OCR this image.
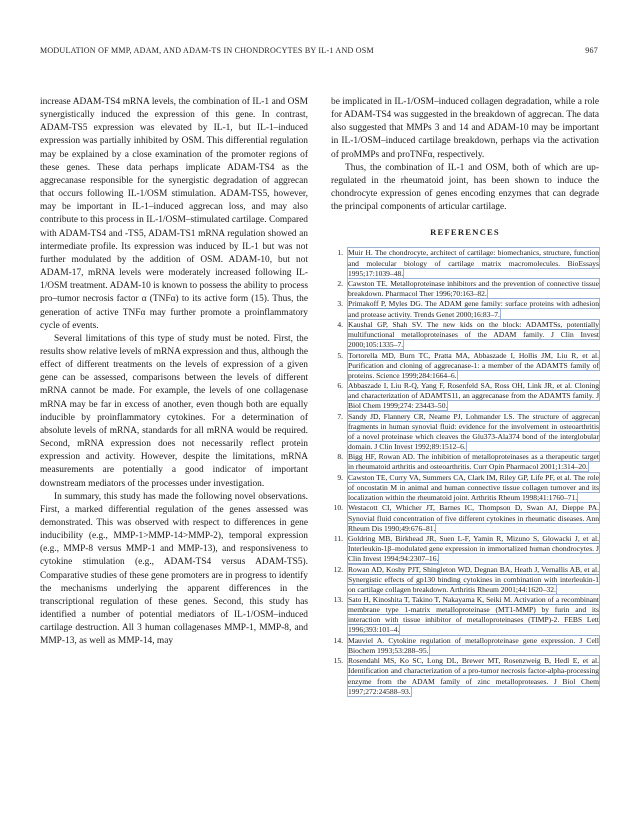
MODULATION OF MMP, ADAM, AND ADAM-TS IN CHONDROCYTES BY IL-1 AND OSM	967

increase ADAM-TS4 mRNA levels, the combination of IL-1 and OSM synergistically induced the expression of this gene. In contrast, ADAM-TS5 expression was elevated by IL-1, but IL-1–induced expression was partially inhibited by OSM. This differential regulation may be explained by a close examination of the promoter regions of these genes. These data perhaps implicate ADAM-TS4 as the aggrecanase responsible for the synergistic degradation of aggrecan that occurs following IL-1/OSM stimulation. ADAM-TS5, however, may be important in IL-1–induced aggrecan loss, and may also contribute to this process in IL-1/OSM–stimulated cartilage. Compared with ADAM-TS4 and -TS5, ADAM-TS1 mRNA regulation showed an intermediate profile. Its expression was induced by IL-1 but was not further modulated by the addition of OSM. ADAM-10, but not ADAM-17, mRNA levels were moderately increased following IL-1/OSM treatment. ADAM-10 is known to possess the ability to process pro–tumor necrosis factor α (TNFα) to its active form (15). Thus, the generation of active TNFα may further promote a proinflammatory cycle of events.

Several limitations of this type of study must be noted. First, the results show relative levels of mRNA expression and thus, although the effect of different treatments on the levels of expression of a given gene can be assessed, comparisons between the levels of different mRNA cannot be made. For example, the levels of one collagenase mRNA may be far in excess of another, even though both are equally inducible by proinflammatory cytokines. For a determination of absolute levels of mRNA, standards for all mRNA would be required. Second, mRNA expression does not necessarily reflect protein expression and activity. However, despite the limitations, mRNA measurements are potentially a good indicator of important downstream mediators of the processes under investigation.

In summary, this study has made the following novel observations. First, a marked differential regulation of the genes assessed was demonstrated. This was observed with respect to differences in gene inducibility (e.g., MMP-1>MMP-14>MMP-2), temporal expression (e.g., MMP-8 versus MMP-1 and MMP-13), and responsiveness to cytokine stimulation (e.g., ADAM-TS4 versus ADAM-TS5). Comparative studies of these gene promoters are in progress to identify the mechanisms underlying the apparent differences in the transcriptional regulation of these genes. Second, this study has identified a number of potential mediators of IL-1/OSM–induced cartilage destruction. All 3 human collagenases MMP-1, MMP-8, and MMP-13, as well as MMP-14, may

be implicated in IL-1/OSM–induced collagen degradation, while a role for ADAM-TS4 was suggested in the breakdown of aggrecan. The data also suggested that MMPs 3 and 14 and ADAM-10 may be important in IL-1/OSM–induced cartilage breakdown, perhaps via the activation of proMMPs and proTNFα, respectively.

Thus, the combination of IL-1 and OSM, both of which are up-regulated in the rheumatoid joint, has been shown to induce the chondrocyte expression of genes encoding enzymes that can degrade the principal components of articular cartilage.

REFERENCES
1. Muir H. The chondrocyte, architect of cartilage: biomechanics, structure, function and molecular biology of cartilage matrix macromolecules. BioEssays 1995;17:1039–48.
2. Cawston TE. Metalloproteinase inhibitors and the prevention of connective tissue breakdown. Pharmacol Ther 1996;70:163–82.
3. Primakoff P, Myles DG. The ADAM gene family: surface proteins with adhesion and protease activity. Trends Genet 2000;16:83–7.
4. Kaushal GP, Shah SV. The new kids on the block: ADAMTSs, potentially multifunctional metalloproteinases of the ADAM family. J Clin Invest 2000;105:1335–7.
5. Tortorella MD, Burn TC, Pratta MA, Abbaszade I, Hollis JM, Liu R, et al. Purification and cloning of aggrecanase-1: a member of the ADAMTS family of proteins. Science 1999;284:1664–6.
6. Abbaszade I, Liu R-Q, Yang F, Rosenfeld SA, Ross OH, Link JR, et al. Cloning and characterization of ADAMTS11, an aggrecanase from the ADAMTS family. J Biol Chem 1999;274: 23443–50.
7. Sandy JD, Flannery CR, Neame PJ, Lohmander LS. The structure of aggrecan fragments in human synovial fluid: evidence for the involvement in osteoarthritis of a novel proteinase which cleaves the Glu373-Ala374 bond of the interglobular domain. J Clin Invest 1992;89:1512–6.
8. Bigg HF, Rowan AD. The inhibition of metalloproteinases as a therapeutic target in rheumatoid arthritis and osteoarthritis. Curr Opin Pharmacol 2001;1:314–20.
9. Cawston TE, Curry VA, Summers CA, Clark IM, Riley GP, Life PF, et al. The role of oncostatin M in animal and human connective tissue collagen turnover and its localization within the rheumatoid joint. Arthritis Rheum 1998;41:1760–71.
10. Westacott CI, Whicher JT, Barnes IC, Thompson D, Swan AJ, Dieppe PA. Synovial fluid concentration of five different cytokines in rheumatic diseases. Ann Rheum Dis 1990;49:676–81.
11. Goldring MB, Birkhead JR, Suen L-F, Yamin R, Mizuno S, Glowacki J, et al. Interleukin-1β–modulated gene expression in immortalized human chondrocytes. J Clin Invest 1994;94:2307–16.
12. Rowan AD, Koshy PJT, Shingleton WD, Degnan BA, Heath J, Vernallis AB, et al. Synergistic effects of gp130 binding cytokines in combination with interleukin-1 on cartilage collagen breakdown. Arthritis Rheum 2001;44:1620–32.
13. Sato H, Kinoshita T, Takino T, Nakayama K, Seiki M. Activation of a recombinant membrane type 1-matrix metalloproteinase (MT1-MMP) by furin and its interaction with tissue inhibitor of metalloproteinases (TIMP)-2. FEBS Lett 1996;393:101–4.
14. Mauviel A. Cytokine regulation of metalloproteinase gene expression. J Cell Biochem 1993;53:288–95.
15. Rosendahl MS, Ko SC, Long DL, Brewer MT, Rosenzweig B, Hedl E, et al. Identification and characterization of a pro-tumor necrosis factor-alpha-processing enzyme from the ADAM family of zinc metalloproteases. J Biol Chem 1997;272:24588–93.
